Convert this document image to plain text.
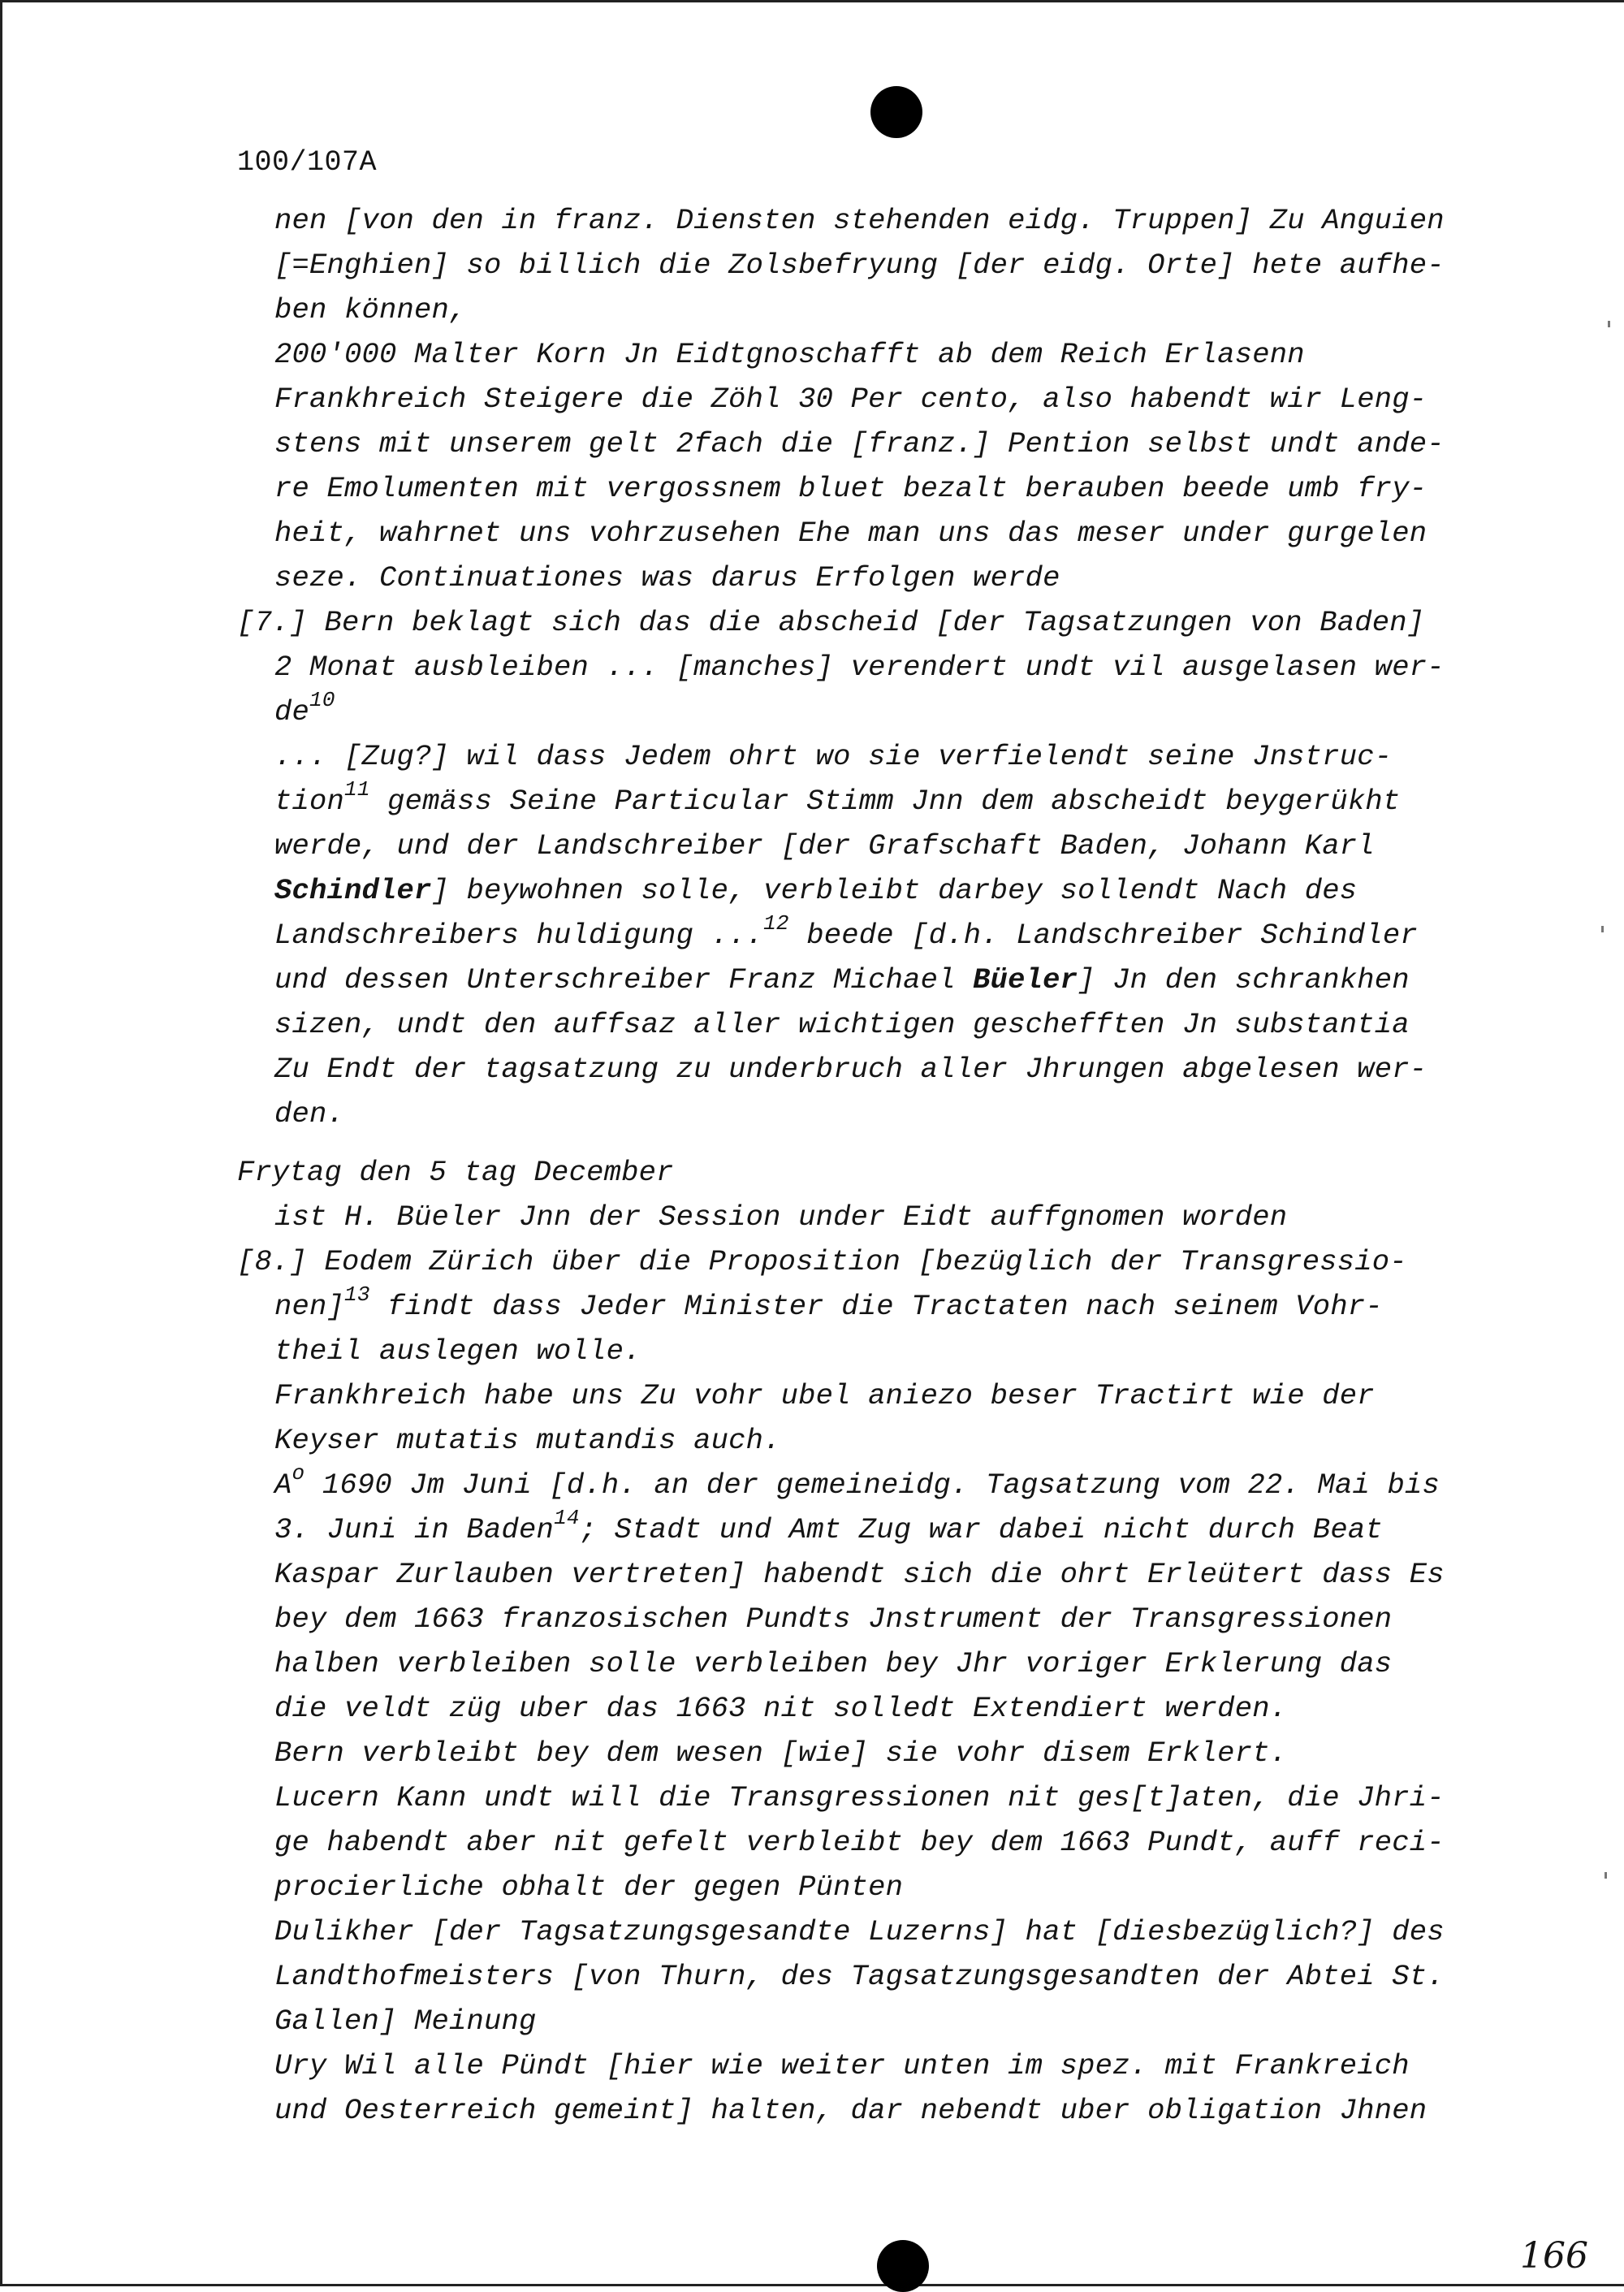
100/107A

nen [von den in franz. Diensten stehenden eidg. Truppen] Zu Anguien

[=Enghien] so billich die Zolsbefryung [der eidg. Orte] hete aufhe-

ben können,

200'000 Malter Korn Jn Eidtgnoschafft ab dem Reich Erlasenn

Frankhreich Steigere die Zöhl 30 Per cento, also habendt wir Leng-

stens mit unserem gelt 2fach die [franz.] Pention selbst undt ande-

re Emolumenten mit vergossnem bluet bezalt berauben beede umb fry-

heit, wahrnet uns vohrzusehen Ehe man uns das meser under gurgelen

seze. Continuationes was darus Erfolgen werde

[7.] Bern beklagt sich das die abscheid [der Tagsatzungen von Baden]

2 Monat ausbleiben ... [manches] verendert undt vil ausgelasen wer-

$de^{10}$

... [Zug?] wil dass Jedem ohrt wo sie verfielendt seine Jnstruc-

tion$^{11}$ gemäss Seine Particular Stimm Jnn dem abscheidt beygerükht

werde, und der Landschreiber [der Grafschaft Baden, Johann Karl

Schindler] beywohnen solle, verbleibt darbey sollendt Nach des

Landschreibers huldigung ...$^{12}$ beede [d.h. Landschreiber Schindler

und dessen Unterschreiber Franz Michael Büeler] Jn den schrankhen

sizen, undt den auffsaz aller wichtigen geschefften Jn substantia

Zu Endt der tagsatzung zu underbruch aller Jhrungen abgelesen wer-

den.

Frytag den 5 tag December

ist H. Büeler Jnn der Session under Eidt auffgnomen worden

[8.] Eodem Zürich über die Proposition [bezüglich der Transgressio-

nen]$^{13}$ findt dass Jeder Minister die Tractaten nach seinem Vohr-

theil auslegen wolle.

Frankhreich habe uns Zu vohr ubel aniezo beser Tractirt wie der

Keyser mutatis mutandis auch.

$A^o$ 1690 Jm Juni [d.h. an der gemeineidg. Tagsatzung vom 22. Mai bis

3. Juni in Baden$^{14}$; Stadt und Amt Zug war dabei nicht durch Beat

Kaspar Zurlauben vertreten] habendt sich die ohrt Erleütert dass Es

bey dem 1663 franzosischen Pundts Jnstrument der Transgressionen

halben verbleiben solle verbleiben bey Jhr voriger Erklerung das

die veldt züg uber das 1663 nit solledt Extendiert werden.

Bern verbleibt bey dem wesen [wie] sie vohr disem Erklert.

Lucern Kann undt will die Transgressionen nit ges[t]aten, die Jhri-

ge habendt aber nit gefelt verbleibt bey dem 1663 Pundt, auff reci-

procierliche obhalt der gegen Pünten

Dulikher [der Tagsatzungsgesandte Luzerns] hat [diesbezüglich?] des

Landthofmeisters [von Thurn, des Tagsatzungsgesandten der Abtei St.

Gallen] Meinung

Ury Wil alle Pündt [hier wie weiter unten im spez. mit Frankreich

und Oesterreich gemeint] halten, dar nebendt uber obligation Jhnen

166
